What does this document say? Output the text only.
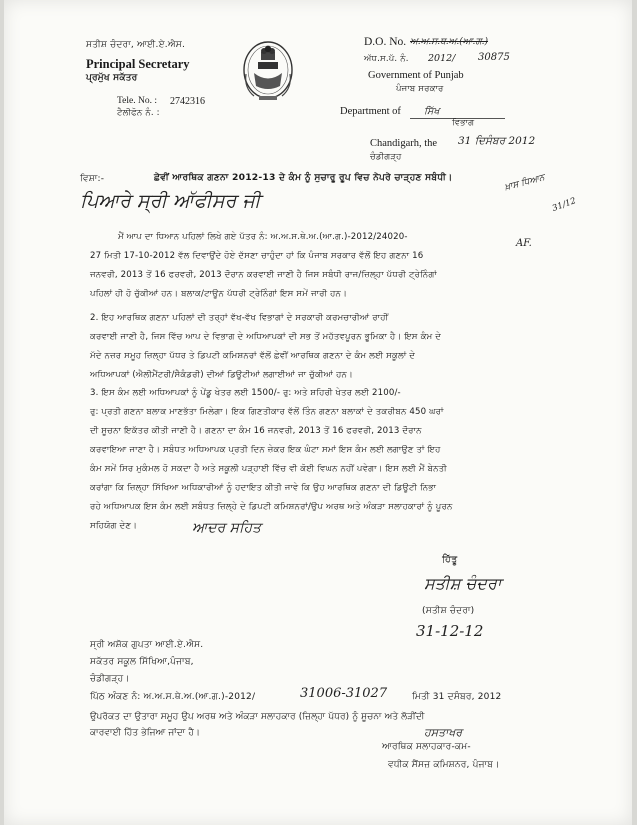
ਸਤੀਸ਼ ਚੰਦਰਾ, ਆਈ.ਏ.ਐਸ.
Principal Secretary
ਪ੍ਰਮੁੱਖ ਸਕੱਤਰ
Tele. No. : 2742316
ਟੈਲੀਫੋਨ ਨੰ. :
D.O. No. ਅ.ਅ.ਸ.ਥ.ਅ.(ਆ.ਗ.)
ਅੱਧ.ਸ.ਪੱ. ਨੰ. 2012/ 30875
Government of Punjab
ਪੰਜਾਬ ਸਰਕਾਰ
Department of ਸਿੱਖ
ਵਿਭਾਗ
Chandigarh, the 31 ਦਿਸੰਬਰ 2012
ਚੰਡੀਗੜ੍ਹ
ਵਿਸ਼ਾ:-	ਛੇਵੀਂ ਆਰਥਿਕ ਗਣਨਾ 2012-13 ਦੇ ਕੰਮ ਨੂੰ ਸੁਚਾਰੂ ਰੂਪ ਵਿਚ ਨੇਪਰੇ ਚਾੜ੍ਹਣ ਸਬੰਧੀ।
ਪਿਆਰੇ ਸ੍ਰੀ ਆੱਫੀਸਰ ਜੀ
ਖ਼ਾਸ ਧਿਆਨ
31/12
AF.
ਮੈਂ ਆਪ ਦਾ ਧਿਆਨ ਪਹਿਲਾਂ ਲਿਖੇ ਗਏ ਪੱਤਰ ਨੰ: ਅ.ਅ.ਸ.ਥੇ.ਅ.(ਆ.ਗ.)-2012/24020-
27 ਮਿਤੀ 17-10-2012 ਵੱਲ ਦਿਵਾਉਂਦੇ ਹੋਏ ਦੱਸਣਾ ਚਾਹੁੰਦਾ ਹਾਂ ਕਿ ਪੰਜਾਬ ਸਰਕਾਰ ਵੱਲੋਂ ਇਹ ਗਣਨਾ 16
ਜਨਵਰੀ, 2013 ਤੋਂ 16 ਫਰਵਰੀ, 2013 ਦੌਰਾਨ ਕਰਵਾਈ ਜਾਣੀ ਹੈ ਜਿਸ ਸਬੰਧੀ ਰਾਜ/ਜ਼ਿਲ੍ਹਾ ਪੱਧਰੀ ਟ੍ਰੇਨਿੰਗਾਂ
ਪਹਿਲਾਂ ਹੀ ਹੋ ਚੁੱਕੀਆਂ ਹਨ। ਬਲਾਕ/ਟਾਊਨ ਪੱਧਰੀ ਟ੍ਰੇਨਿੰਗਾਂ ਇਸ ਸਮੇਂ ਜਾਰੀ ਹਨ।
2. ਇਹ ਆਰਥਿਕ ਗਣਨਾ ਪਹਿਲਾਂ ਦੀ ਤਰ੍ਹਾਂ ਵੱਖ-ਵੱਖ ਵਿਭਾਗਾਂ ਦੇ ਸਰਕਾਰੀ ਕਰਮਚਾਰੀਆਂ ਰਾਹੀਂ
ਕਰਵਾਈ ਜਾਣੀ ਹੈ, ਜਿਸ ਵਿੱਚ ਆਪ ਦੇ ਵਿਭਾਗ ਦੇ ਅਧਿਆਪਕਾਂ ਦੀ ਸਭ ਤੋਂ ਮਹੱਤਵਪੂਰਨ ਭੂਮਿਕਾ ਹੈ। ਇਸ ਕੰਮ ਦੇ
ਮੱਦੇ ਨਜ਼ਰ ਸਮੂਹ ਜ਼ਿਲ੍ਹਾ ਪੱਧਰ ਤੇ ਡਿਪਟੀ ਕਮਿਸ਼ਨਰਾਂ ਵੱਲੋਂ ਛੇਵੀਂ ਆਰਥਿਕ ਗਣਨਾ ਦੇ ਕੰਮ ਲਈ ਸਕੂਲਾਂ ਦੇ
ਅਧਿਆਪਕਾਂ (ਐਲੀਮੈਂਟਰੀ/ਸੈਕੰਡਰੀ) ਦੀਆਂ ਡਿਊਟੀਆਂ ਲਗਾਈਆਂ ਜਾ ਚੁੱਕੀਆਂ ਹਨ।
3. ਇਸ ਕੰਮ ਲਈ ਅਧਿਆਪਕਾਂ ਨੂੰ ਪੇਂਡੂ ਖੇਤਰ ਲਈ 1500/- ਰੁ: ਅਤੇ ਸ਼ਹਿਰੀ ਖੇਤਰ ਲਈ 2100/-
ਰੁ: ਪ੍ਰਤੀ ਗਣਨਾ ਬਲਾਕ ਮਾਣਭੱਤਾ ਮਿਲੇਗਾ। ਇਕ ਗਿਣਤੀਕਾਰ ਵੱਲੋਂ ਤਿੰਨ ਗਣਨਾ ਬਲਾਕਾਂ ਦੇ ਤਕਰੀਬਨ 450 ਘਰਾਂ
ਦੀ ਸੂਚਨਾ ਇਕੱਤਰ ਕੀਤੀ ਜਾਣੀ ਹੈ। ਗਣਨਾ ਦਾ ਕੰਮ 16 ਜਨਵਰੀ, 2013 ਤੋਂ 16 ਫਰਵਰੀ, 2013 ਦੌਰਾਨ
ਕਰਵਾਇਆ ਜਾਣਾ ਹੈ। ਸਬੰਧਤ ਅਧਿਆਪਕ ਪ੍ਰਤੀ ਦਿਨ ਜ਼ੇਕਰ ਇਕ ਘੰਟਾ ਸਮਾਂ ਇਸ ਕੰਮ ਲਈ ਲਗਾਉਣ ਤਾਂ ਇਹ
ਕੰਮ ਸਮੇਂ ਸਿਰ ਮੁਕੰਮਲ ਹੋ ਸਕਦਾ ਹੈ ਅਤੇ ਸਕੂਲੀ ਪੜ੍ਹਾਈ ਵਿੱਚ ਵੀ ਕੋਈ ਵਿਘਨ ਨਹੀਂ ਪਵੇਗਾ। ਇਸ ਲਈ ਮੈਂ ਬੇਨਤੀ
ਕਰਾਂਗਾ ਕਿ ਜ਼ਿਲ੍ਹਾ ਸਿੱਖਿਆ ਅਧਿਕਾਰੀਆਂ ਨੂੰ ਹਦਾਇਤ ਕੀਤੀ ਜਾਵੇ ਕਿ ਉਹ ਆਰਥਿਕ ਗਣਨਾ ਦੀ ਡਿਊਟੀ ਨਿਭਾ
ਰਹੇ ਅਧਿਆਪਕ ਇਸ ਕੰਮ ਲਈ ਸਬੰਧਤ ਜ਼ਿਲ੍ਹੇ ਦੇ ਡਿਪਟੀ ਕਮਿਸ਼ਨਰਾਂ/ਉਪ ਅਰਥ ਅਤੇ ਅੰਕੜਾ ਸਲਾਹਕਾਰਾਂ ਨੂੰ ਪੂਰਨ
ਸਹਿਯੋਗ ਦੇਣ।	ਆਦਰ ਸਹਿਤ
ਹਿੱਤੂ
ਸਤੀਸ਼ ਚੰਦਰਾ
(ਸਤੀਸ਼ ਚੰਦਰਾ)
31-12-12
ਸ੍ਰੀ ਅਸ਼ੋਕ ਗੁਪਤਾ ਆਈ.ਏ.ਐਸ.
ਸਕੱਤਰ ਸਕੂਲ ਸਿੱਖਿਆ,ਪੰਜਾਬ,
ਚੰਡੀਗੜ੍ਹ।
ਪਿੱਠ ਅੰਕਣ ਨੰ: ਅ.ਅ.ਸ.ਥੇ.ਅ.(ਆ.ਗ.)-2012/	31006-31027	ਮਿਤੀ 31 ਦਸੰਬਰ, 2012
ਉਪਰੋਕਤ ਦਾ ਉਤਾਰਾ ਸਮੂਹ ਉਪ ਅਰਥ ਅਤੇ ਅੰਕੜਾ ਸਲਾਹਕਾਰ (ਜ਼ਿਲ੍ਹਾ ਪੱਧਰ) ਨੂੰ ਸੂਚਨਾ ਅਤੇ ਲੋੜੀਂਦੀ
ਕਾਰਵਾਈ ਹਿੱਤ ਭੇਜਿਆ ਜਾਂਦਾ ਹੈ।	ਹਸਤਾਖਰ
ਆਰਥਿਕ ਸਲਾਹਕਾਰ-ਕਮ-
ਵਧੀਕ ਸੈਂਸਜ਼ ਕਮਿਸ਼ਨਰ, ਪੰਜਾਬ।
